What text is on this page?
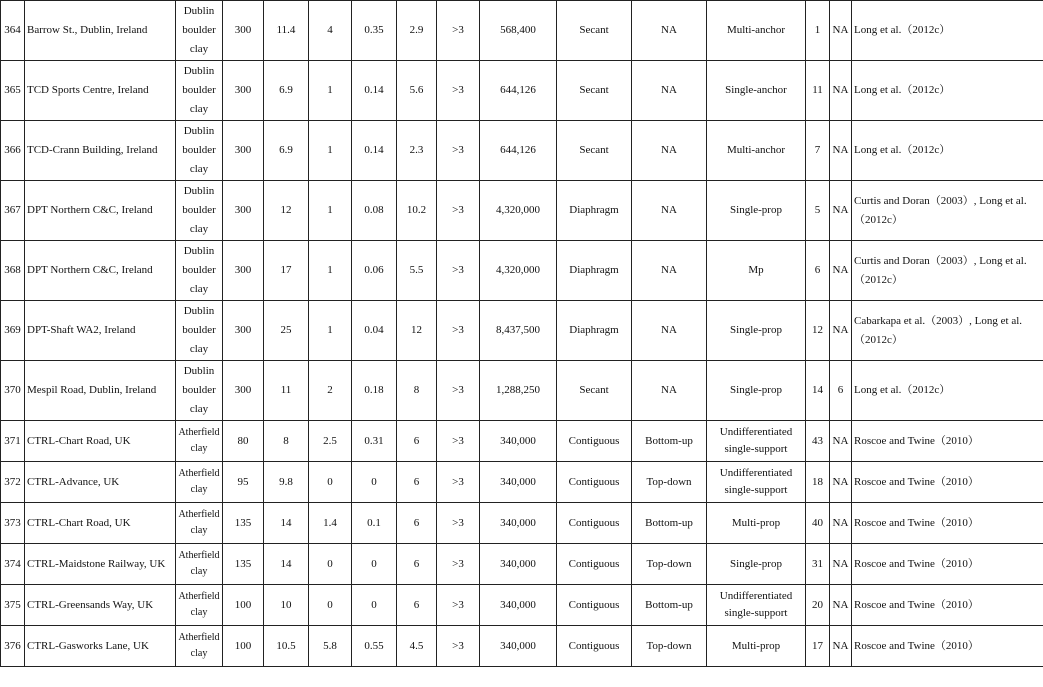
364	Barrow St., Dublin, Ireland	Dublin boulder clay	300	11.4	4	0.35	2.9	>3	568,400	Secant	NA	Multi-anchor	1	NA	Long et al.（2012c）
365	TCD Sports Centre, Ireland	Dublin boulder clay	300	6.9	1	0.14	5.6	>3	644,126	Secant	NA	Single-anchor	11	NA	Long et al.（2012c）
366	TCD-Crann Building, Ireland	Dublin boulder clay	300	6.9	1	0.14	2.3	>3	644,126	Secant	NA	Multi-anchor	7	NA	Long et al.（2012c）
367	DPT Northern C&C, Ireland	Dublin boulder clay	300	12	1	0.08	10.2	>3	4,320,000	Diaphragm	NA	Single-prop	5	NA	Curtis and Doran（2003）, Long et al.（2012c）
368	DPT Northern C&C, Ireland	Dublin boulder clay	300	17	1	0.06	5.5	>3	4,320,000	Diaphragm	NA	Mp	6	NA	Curtis and Doran（2003）, Long et al.（2012c）
369	DPT-Shaft WA2, Ireland	Dublin boulder clay	300	25	1	0.04	12	>3	8,437,500	Diaphragm	NA	Single-prop	12	NA	Cabarkapa et al.（2003）, Long et al.（2012c）
370	Mespil Road, Dublin, Ireland	Dublin boulder clay	300	11	2	0.18	8	>3	1,288,250	Secant	NA	Single-prop	14	6	Long et al.（2012c）
371	CTRL-Chart Road, UK	Atherfield clay	80	8	2.5	0.31	6	>3	340,000	Contiguous	Bottom-up	Undifferentiated single-support	43	NA	Roscoe and Twine（2010）
372	CTRL-Advance, UK	Atherfield clay	95	9.8	0	0	6	>3	340,000	Contiguous	Top-down	Undifferentiated single-support	18	NA	Roscoe and Twine（2010）
373	CTRL-Chart Road, UK	Atherfield clay	135	14	1.4	0.1	6	>3	340,000	Contiguous	Bottom-up	Multi-prop	40	NA	Roscoe and Twine（2010）
374	CTRL-Maidstone Railway, UK	Atherfield clay	135	14	0	0	6	>3	340,000	Contiguous	Top-down	Single-prop	31	NA	Roscoe and Twine（2010）
375	CTRL-Greensands Way, UK	Atherfield clay	100	10	0	0	6	>3	340,000	Contiguous	Bottom-up	Undifferentiated single-support	20	NA	Roscoe and Twine（2010）
376	CTRL-Gasworks Lane, UK	Atherfield clay	100	10.5	5.8	0.55	4.5	>3	340,000	Contiguous	Top-down	Multi-prop	17	NA	Roscoe and Twine（2010）
